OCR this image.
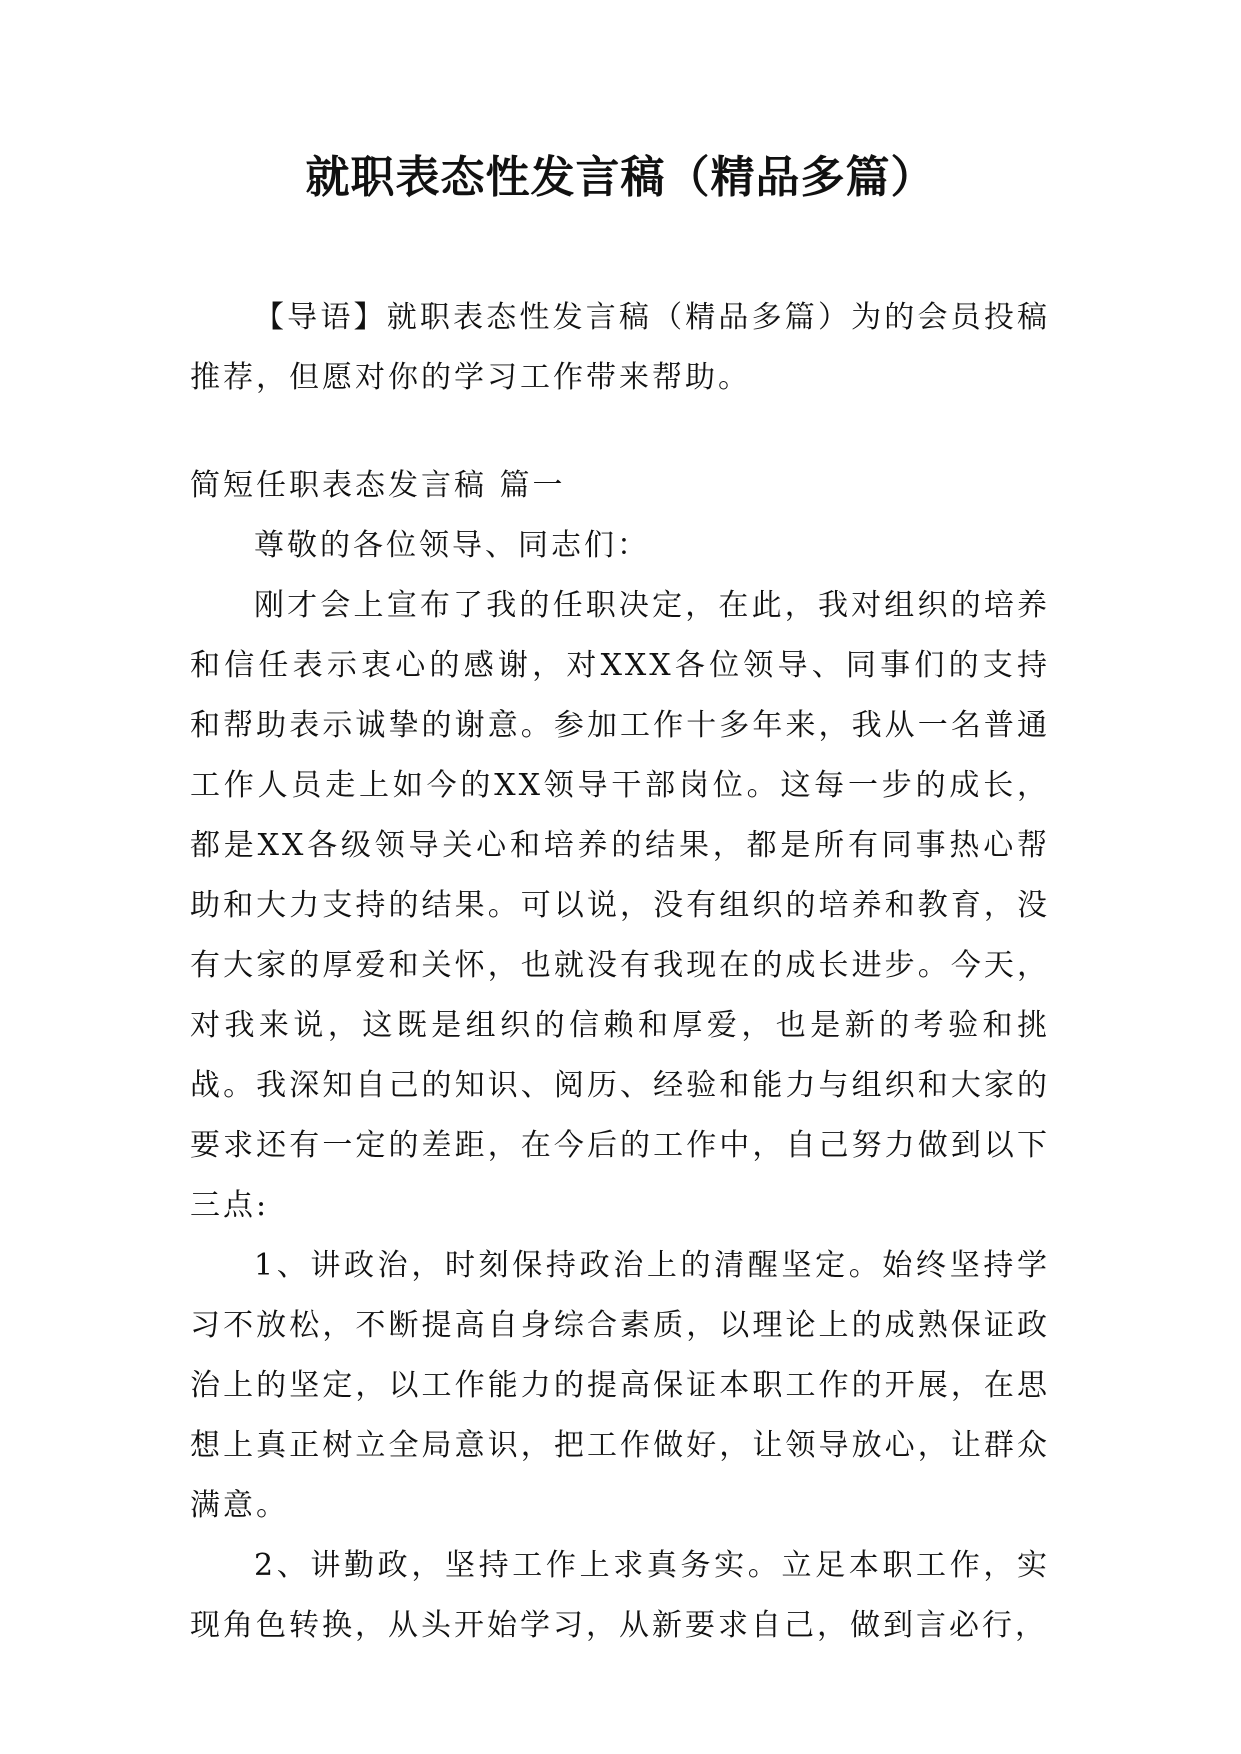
就职表态性发言稿（精品多篇）

【导语】就职表态性发言稿（精品多篇）为的会员投稿推荐，但愿对你的学习工作带来帮助。

简短任职表态发言稿 篇一

尊敬的各位领导、同志们：

刚才会上宣布了我的任职决定，在此，我对组织的培养和信任表示衷心的感谢，对XXX各位领导、同事们的支持和帮助表示诚挚的谢意。参加工作十多年来，我从一名普通工作人员走上如今的XX领导干部岗位。这每一步的成长，都是XX各级领导关心和培养的结果，都是所有同事热心帮助和大力支持的结果。可以说，没有组织的培养和教育，没有大家的厚爱和关怀，也就没有我现在的成长进步。今天，对我来说，这既是组织的信赖和厚爱，也是新的考验和挑战。我深知自己的知识、阅历、经验和能力与组织和大家的要求还有一定的差距，在今后的工作中，自己努力做到以下三点:

1、讲政治，时刻保持政治上的清醒坚定。始终坚持学习不放松，不断提高自身综合素质，以理论上的成熟保证政治上的坚定，以工作能力的提高保证本职工作的开展，在思想上真正树立全局意识，把工作做好，让领导放心，让群众满意。

2、讲勤政，坚持工作上求真务实。立足本职工作，实现角色转换，从头开始学习，从新要求自己，做到言必行，
